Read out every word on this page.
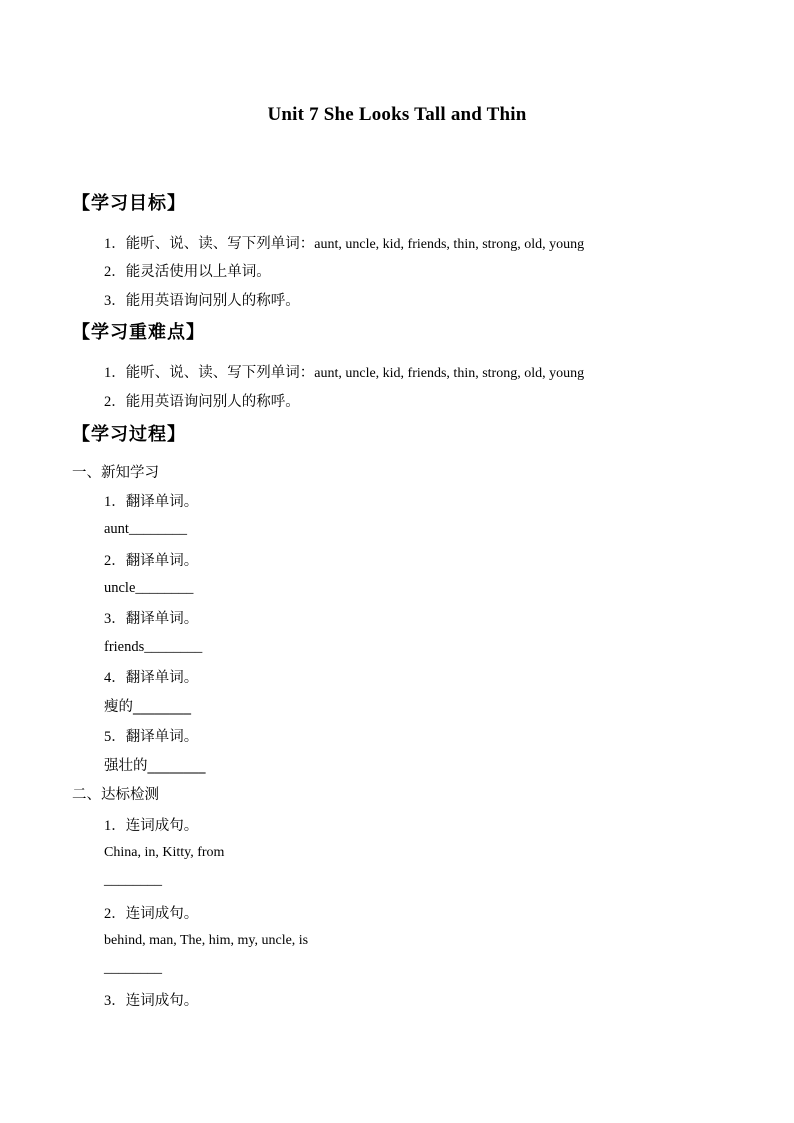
Unit 7 She Looks Tall and Thin
【学习目标】
1．能听、说、读、写下列单词：aunt, uncle, kid, friends, thin, strong, old, young
2．能灵活使用以上单词。
3．能用英语询问别人的称呼。
【学习重难点】
1．能听、说、读、写下列单词：aunt, uncle, kid, friends, thin, strong, old, young
2．能用英语询问别人的称呼。
【学习过程】
一、新知学习
1．翻译单词。
aunt________
2．翻译单词。
uncle________
3．翻译单词。
friends________
4．翻译单词。
瘦的________
5．翻译单词。
强壮的________
二、达标检测
1．连词成句。
China, in, Kitty, from
________
2．连词成句。
behind, man, The, him, my, uncle, is
________
3．连词成句。
